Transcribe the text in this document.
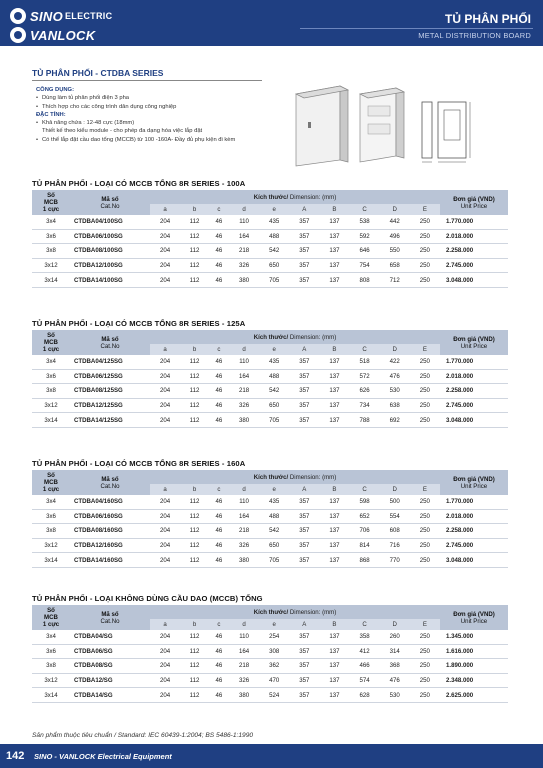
SINO ELECTRIC
VANLOCK
TỦ PHÂN PHỐI
METAL DISTRIBUTION BOARD
TỦ PHÂN PHỐI - CTDBA SERIES
CÔNG DỤNG:
• Dùng làm tủ phân phối điện 3 pha
• Thích hợp cho các công trình dân dụng công nghiệp
ĐẶC TÍNH:
• Khả năng chứa : 12-48 cực (18mm)
Thiết kế theo kiểu module - cho phép đa dạng hóa việc lắp đặt
• Có thể lắp đặt cầu dao tổng (MCCB) từ 100 -160A- Đầy đủ phụ kiện đi kèm
TỦ PHÂN PHỐI - LOẠI CÓ MCCB TỔNG 8R SERIES - 100A
Số
MCB
1 cực	Mã số
Cat.No	Kích thước/ Dimension: (mm)										Đơn giá (VND)
Unit Price
		a	b	c	d	e	A	B	C	D	E	
3x4	CTDBA04/100SG	204	112	46	110	435	357	137	538	442	250	1.770.000
3x6	CTDBA06/100SG	204	112	46	164	488	357	137	592	496	250	2.018.000
3x8	CTDBA08/100SG	204	112	46	218	542	357	137	646	550	250	2.258.000
3x12	CTDBA12/100SG	204	112	46	326	650	357	137	754	658	250	2.745.000
3x14	CTDBA14/100SG	204	112	46	380	705	357	137	808	712	250	3.048.000
TỦ PHÂN PHỐI - LOẠI CÓ MCCB TỔNG 8R SERIES - 125A
Số
MCB
1 cực	Mã số
Cat.No	Kích thước/ Dimension: (mm)										Đơn giá (VND)
Unit Price
		a	b	c	d	e	A	B	C	D	E	
3x4	CTDBA04/125SG	204	112	46	110	435	357	137	518	422	250	1.770.000
3x6	CTDBA06/125SG	204	112	46	164	488	357	137	572	476	250	2.018.000
3x8	CTDBA08/125SG	204	112	46	218	542	357	137	626	530	250	2.258.000
3x12	CTDBA12/125SG	204	112	46	326	650	357	137	734	638	250	2.745.000
3x14	CTDBA14/125SG	204	112	46	380	705	357	137	788	692	250	3.048.000
TỦ PHÂN PHỐI - LOẠI CÓ MCCB TỔNG 8R SERIES - 160A
Số
MCB
1 cực	Mã số
Cat.No	Kích thước/ Dimension: (mm)										Đơn giá (VND)
Unit Price
		a	b	c	d	e	A	B	C	D	E	
3x4	CTDBA04/160SG	204	112	46	110	435	357	137	598	500	250	1.770.000
3x6	CTDBA06/160SG	204	112	46	164	488	357	137	652	554	250	2.018.000
3x8	CTDBA08/160SG	204	112	46	218	542	357	137	706	608	250	2.258.000
3x12	CTDBA12/160SG	204	112	46	326	650	357	137	814	716	250	2.745.000
3x14	CTDBA14/160SG	204	112	46	380	705	357	137	868	770	250	3.048.000
TỦ PHÂN PHỐI - LOẠI KHÔNG DÙNG CẦU DAO (MCCB) TỔNG
Số
MCB
1 cực	Mã số
Cat.No	Kích thước/ Dimension: (mm)										Đơn giá (VND)
Unit Price
		a	b	c	d	e	A	B	C	D	E	
3x4	CTDBA04/SG	204	112	46	110	254	357	137	358	260	250	1.345.000
3x6	CTDBA06/SG	204	112	46	164	308	357	137	412	314	250	1.616.000
3x8	CTDBA08/SG	204	112	46	218	362	357	137	466	368	250	1.890.000
3x12	CTDBA12/SG	204	112	46	326	470	357	137	574	476	250	2.348.000
3x14	CTDBA14/SG	204	112	46	380	524	357	137	628	530	250	2.625.000
Sản phẩm thuộc tiêu chuẩn / Standard: IEC 60439-1:2004; BS 5486-1:1990
142 SINO - VANLOCK Electrical Equipment
